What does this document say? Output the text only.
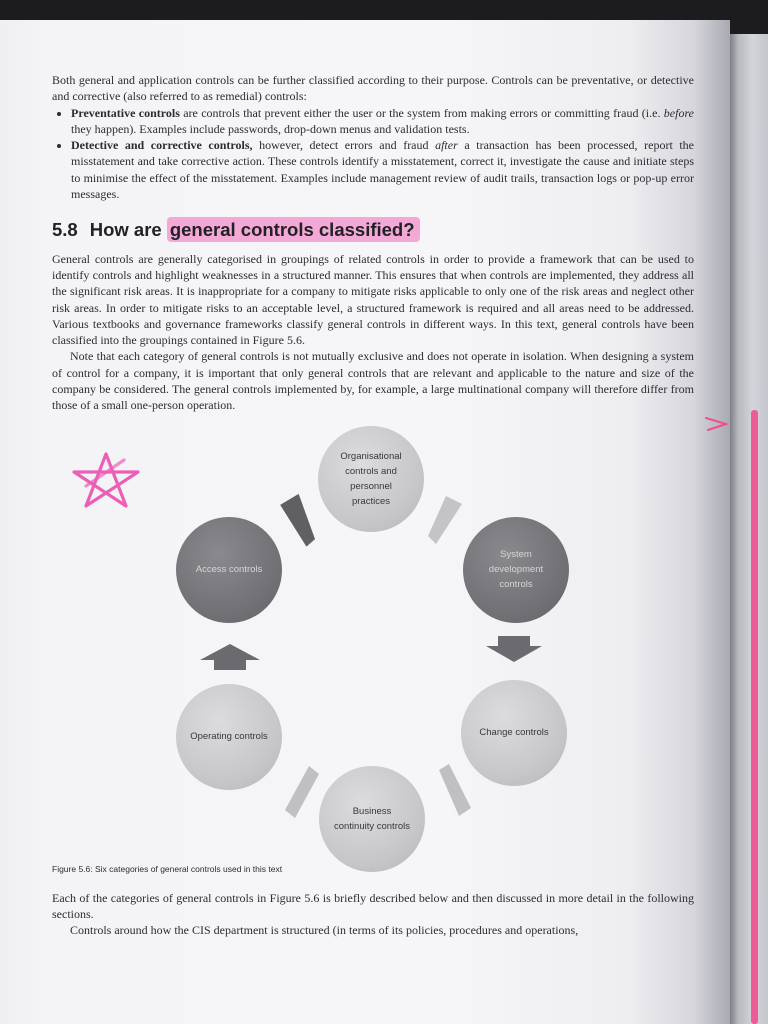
Both general and application controls can be further classified according to their purpose. Controls can be preventative, or detective and corrective (also referred to as remedial) controls:

• Preventative controls are controls that prevent either the user or the system from making errors or committing fraud (i.e. before they happen). Examples include passwords, drop-down menus and validation tests.
• Detective and corrective controls, however, detect errors and fraud after a transaction has been processed, report the misstatement and take corrective action. These controls identify a misstatement, correct it, investigate the cause and initiate steps to minimise the effect of the misstatement. Examples include management review of audit trails, transaction logs or pop-up error messages.
5.8 How are general controls classified?

General controls are generally categorised in groupings of related controls in order to provide a framework that can be used to identify controls and highlight weaknesses in a structured manner. This ensures that when controls are implemented, they address all the significant risk areas. It is inappropriate for a company to mitigate risks applicable to only one of the risk areas and neglect other risk areas. In order to mitigate risks to an acceptable level, a structured framework is required and all areas need to be addressed. Various textbooks and governance frameworks classify general controls in different ways. In this text, general controls have been classified into the groupings contained in Figure 5.6.

Note that each category of general controls is not mutually exclusive and does not operate in isolation. When designing a system of control for a company, it is important that only general controls that are relevant and applicable to the nature and size of the company be considered. The general controls implemented by, for example, a large multinational company will therefore differ from those of a small one-person operation.

Organisational controls and personnel practices
System development controls
Change controls
Business continuity controls
Operating controls
Access controls
Figure 5.6: Six categories of general controls used in this text

Each of the categories of general controls in Figure 5.6 is briefly described below and then discussed in more detail in the following sections.

Controls around how the CIS department is structured (in terms of its policies, procedures and operations,
